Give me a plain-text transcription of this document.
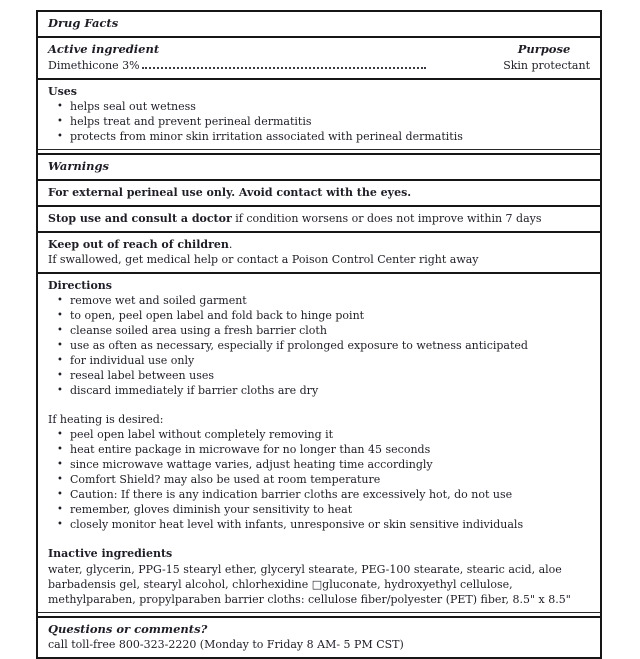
Drug Facts
Active ingredient	Purpose
Dimethicone 3%	Skin protectant
Uses
• helps seal out wetness
• helps treat and prevent perineal dermatitis
• protects from minor skin irritation associated with perineal dermatitis
Warnings
For external perineal use only. Avoid contact with the eyes.
Stop use and consult a doctor if condition worsens or does not improve within 7 days
Keep out of reach of children.
If swallowed, get medical help or contact a Poison Control Center right away
Directions
• remove wet and soiled garment
• to open, peel open label and fold back to hinge point
• cleanse soiled area using a fresh barrier cloth
• use as often as necessary, especially if prolonged exposure to wetness anticipated
• for individual use only
• reseal label between uses
• discard immediately if barrier cloths are dry
If heating is desired:
• peel open label without completely removing it
• heat entire package in microwave for no longer than 45 seconds
• since microwave wattage varies, adjust heating time accordingly
• Comfort Shield? may also be used at room temperature
• Caution: If there is any indication barrier cloths are excessively hot, do not use
• remember, gloves diminish your sensitivity to heat
• closely monitor heat level with infants, unresponsive or skin sensitive individuals
Inactive ingredients
water, glycerin, PPG-15 stearyl ether, glyceryl stearate, PEG-100 stearate, stearic acid, aloe barbadensis gel, stearyl alcohol, chlorhexidine □gluconate, hydroxyethyl cellulose, methylparaben, propylparaben barrier cloths: cellulose fiber/polyester (PET) fiber, 8.5" x 8.5"
Questions or comments?
call toll-free 800-323-2220 (Monday to Friday 8 AM- 5 PM CST)
